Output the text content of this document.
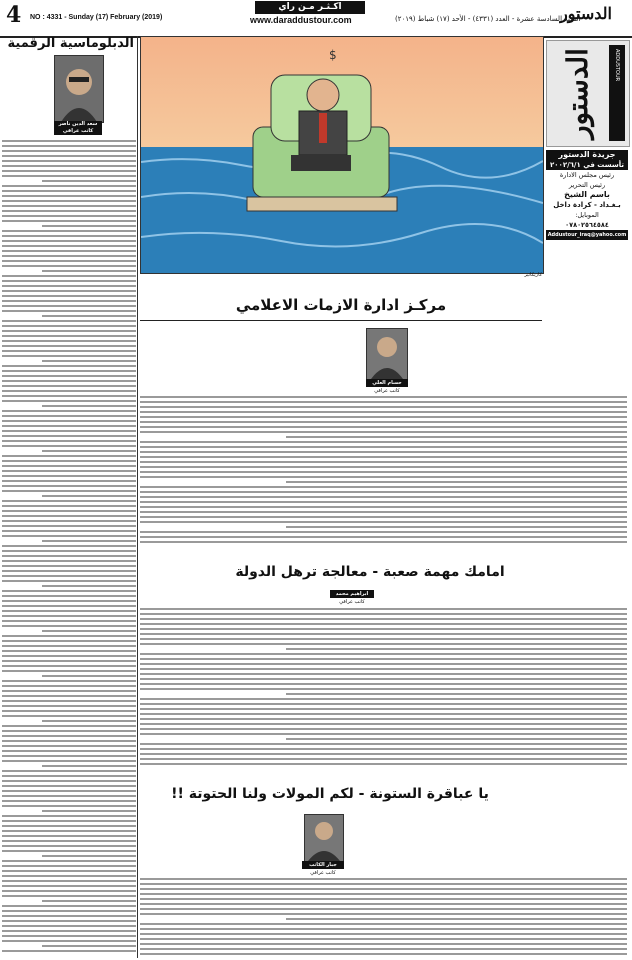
4 NO : 4331 - Sunday (17) February (2019)
اكـثـر مـن راي
www.daraddustour.com	السنة السادسة عشرة - العدد (٤٣٣١) - الأحد (١٧) شباط (٢٠١٩)
الدستور
الدبلوماسية الرقمية
سعد الدين ناصر
كاتب عراقي
$
كاريكاتير
الدستور	ADDUSTOUR
جريدة الدستور
تأسست في ٢٠٠٢/٦/١
رئيس مجلس الادارة
رئيس التحرير
باسم الشيخ
بـغـداد - كرادة داخل
الموبايل:
٠٧٨٠٢٥٦٤٥٨٤
Addustour_iraq@yahoo.com
مركـز ادارة الازمات الاعلامي
حسام العلي
كاتب عراقي
امامك مهمة صعبة - معالجة ترهل الدولة
ابراهيم محمد
كاتب عراقي
يا عباقرة الستونة - لكم المولات ولنا الحتوتة !!
جبار الكاتب
كاتب عراقي
